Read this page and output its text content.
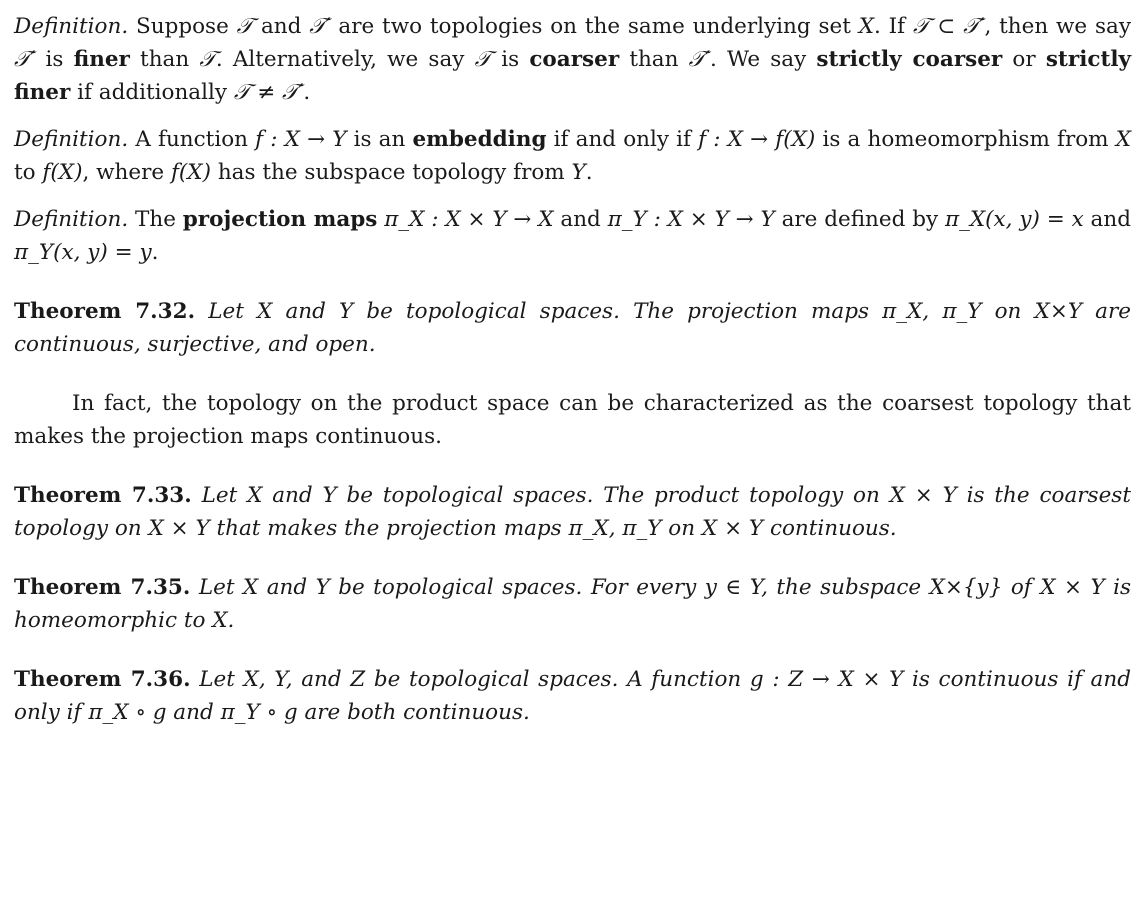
Definition. Suppose 𝒯 and 𝒯′ are two topologies on the same underlying set X. If 𝒯 ⊂ 𝒯′, then we say 𝒯′ is finer than 𝒯. Alternatively, we say 𝒯 is coarser than 𝒯′. We say strictly coarser or strictly finer if additionally 𝒯 ≠ 𝒯′.

Definition. A function f : X → Y is an embedding if and only if f : X → f(X) is a homeomorphism from X to f(X), where f(X) has the subspace topology from Y.

Definition. The projection maps π_X : X × Y → X and π_Y : X × Y → Y are defined by π_X(x, y) = x and π_Y(x, y) = y.

Theorem 7.32. Let X and Y be topological spaces. The projection maps π_X, π_Y on X×Y are continuous, surjective, and open.

In fact, the topology on the product space can be characterized as the coarsest topology that makes the projection maps continuous.

Theorem 7.33. Let X and Y be topological spaces. The product topology on X × Y is the coarsest topology on X × Y that makes the projection maps π_X, π_Y on X × Y continuous.

Theorem 7.35. Let X and Y be topological spaces. For every y ∈ Y, the subspace X×{y} of X × Y is homeomorphic to X.

Theorem 7.36. Let X, Y, and Z be topological spaces. A function g : Z → X × Y is continuous if and only if π_X ∘ g and π_Y ∘ g are both continuous.
